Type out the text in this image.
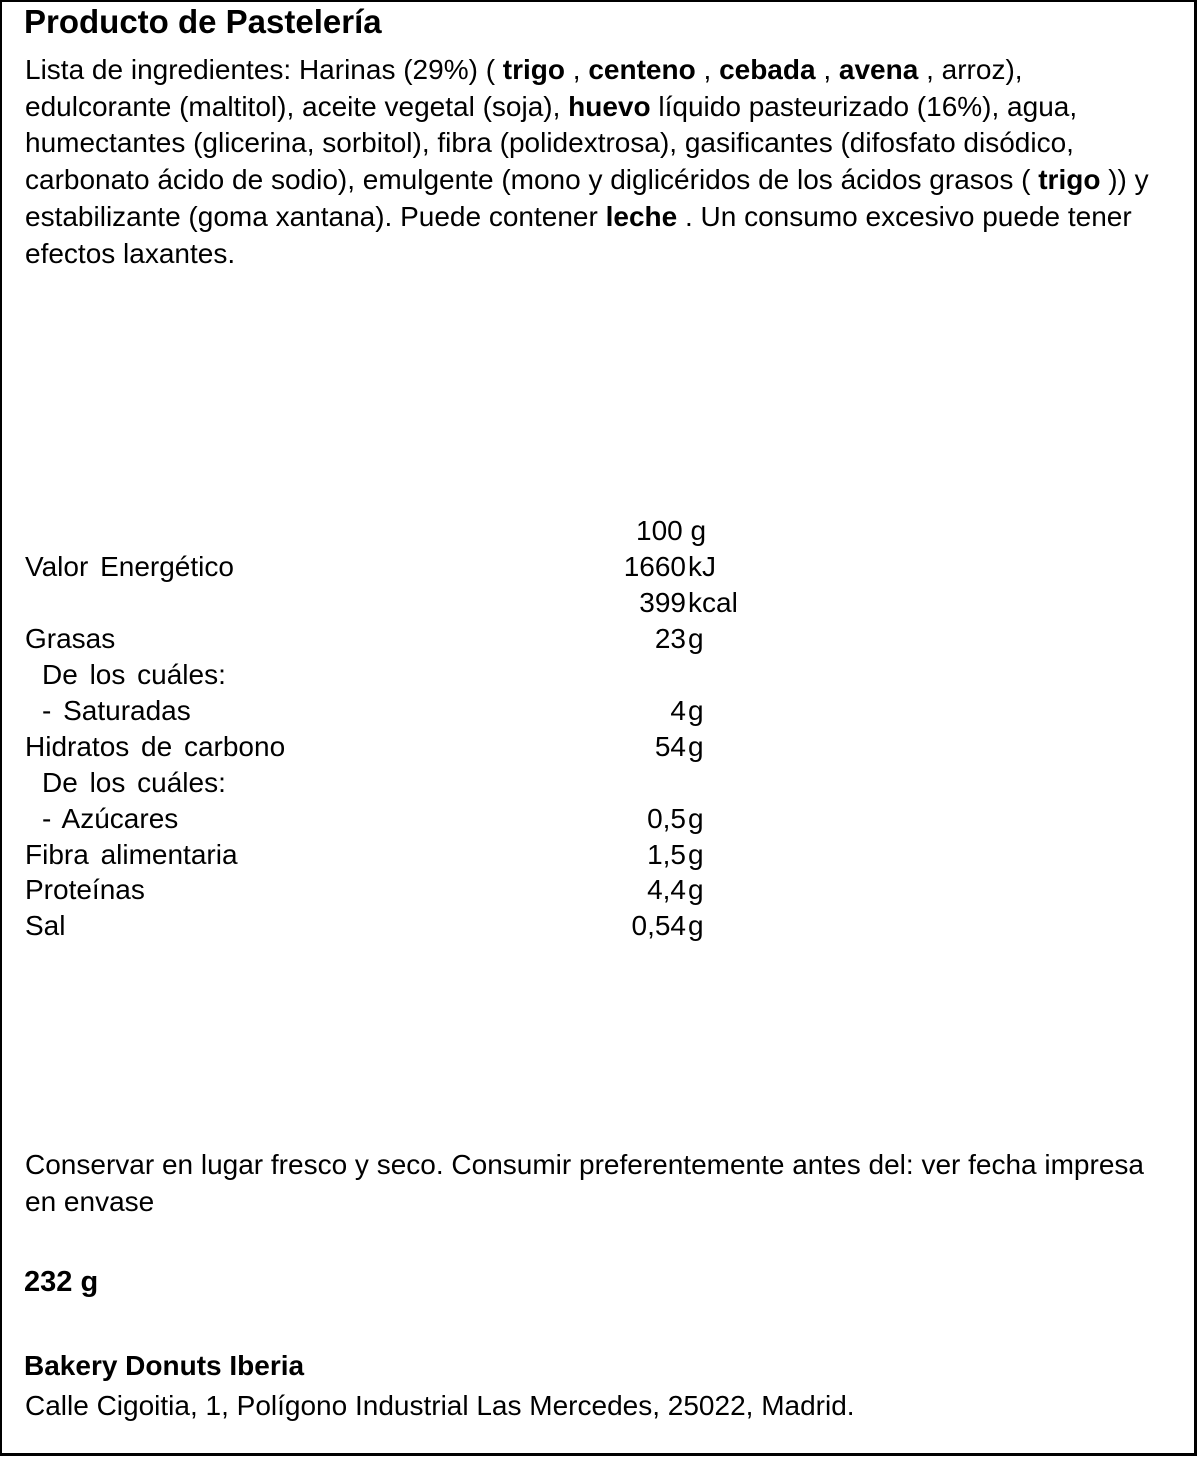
Producto de Pastelería

Lista de ingredientes: Harinas (29%) ( trigo , centeno , cebada , avena , arroz), edulcorante (maltitol), aceite vegetal (soja), huevo líquido pasteurizado (16%), agua, humectantes (glicerina, sorbitol), fibra (polidextrosa), gasificantes (difosfato disódico, carbonato ácido de sodio), emulgente (mono y diglicéridos de los ácidos grasos ( trigo )) y estabilizante (goma xantana). Puede contener leche . Un consumo excesivo puede tener efectos laxantes.

100 g
Valor Energético	1660 kJ
399 kcal
Grasas	23 g
De los cuáles:
- Saturadas	4 g
Hidratos de carbono	54 g
De los cuáles:
- Azúcares	0,5 g
Fibra alimentaria	1,5 g
Proteínas	4,4 g
Sal	0,54 g

Conservar en lugar fresco y seco. Consumir preferentemente antes del: ver fecha impresa en envase

232 g
Bakery Donuts Iberia
Calle Cigoitia, 1, Polígono Industrial Las Mercedes, 25022, Madrid.
